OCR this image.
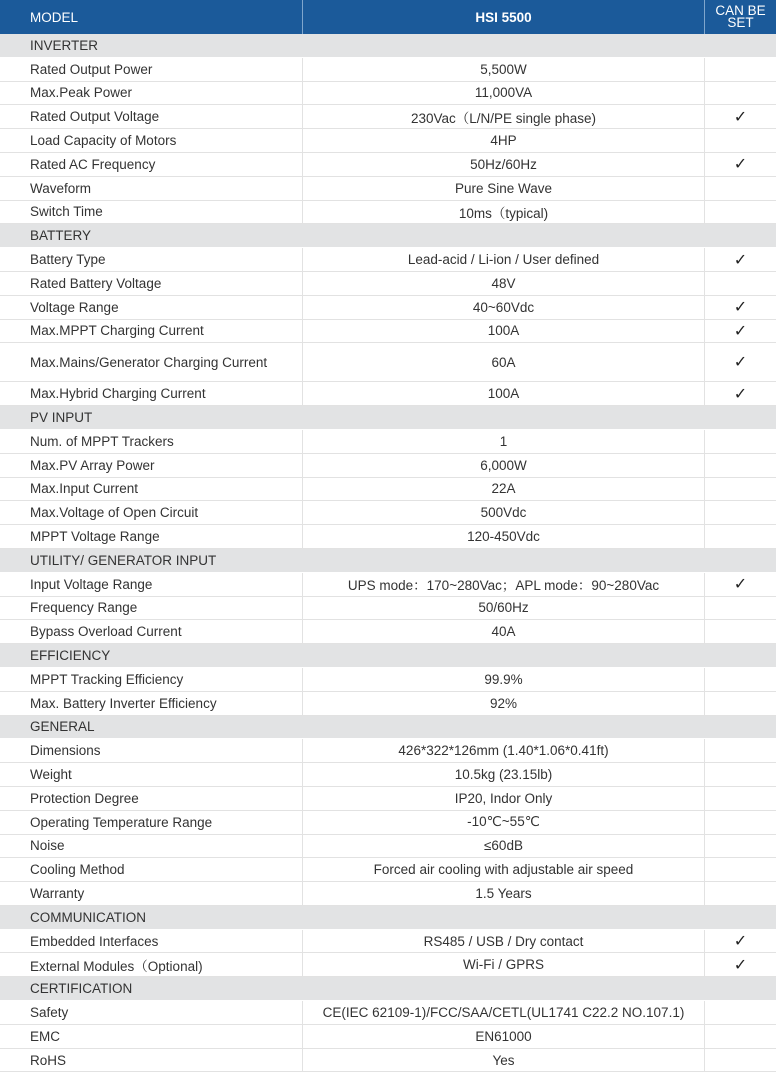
MODEL	HSI 5500	CAN BE
SET
INVERTER
Rated Output Power	5,500W
Max.Peak Power	11,000VA
Rated Output Voltage	230Vac（L/N/PE single phase)	✓
Load Capacity of Motors	4HP
Rated AC Frequency	50Hz/60Hz	✓
Waveform	Pure Sine Wave
Switch Time	10ms（typical)
BATTERY
Battery Type	Lead-acid / Li-ion / User defined	✓
Rated Battery Voltage	48V
Voltage Range	40~60Vdc	✓
Max.MPPT Charging Current	100A	✓
Max.Mains/Generator Charging Current	60A	✓
Max.Hybrid Charging Current	100A	✓
PV INPUT
Num. of MPPT Trackers	1
Max.PV Array Power	6,000W
Max.Input Current	22A
Max.Voltage of Open Circuit	500Vdc
MPPT Voltage Range	120-450Vdc
UTILITY/ GENERATOR INPUT
Input Voltage Range	UPS mode：170~280Vac；APL mode：90~280Vac	✓
Frequency Range	50/60Hz
Bypass Overload Current	40A
EFFICIENCY
MPPT Tracking Efficiency	99.9%
Max. Battery Inverter Efficiency	92%
GENERAL
Dimensions	426*322*126mm (1.40*1.06*0.41ft)
Weight	10.5kg (23.15lb)
Protection Degree	IP20, Indor Only
Operating Temperature Range	-10℃~55℃
Noise	≤60dB
Cooling Method	Forced air cooling with adjustable air speed
Warranty	1.5 Years
COMMUNICATION
Embedded Interfaces	RS485 / USB / Dry contact	✓
External Modules（Optional)	Wi-Fi / GPRS	✓
CERTIFICATION
Safety	CE(IEC 62109-1)/FCC/SAA/CETL(UL1741 C22.2 NO.107.1)
EMC	EN61000
RoHS	Yes
